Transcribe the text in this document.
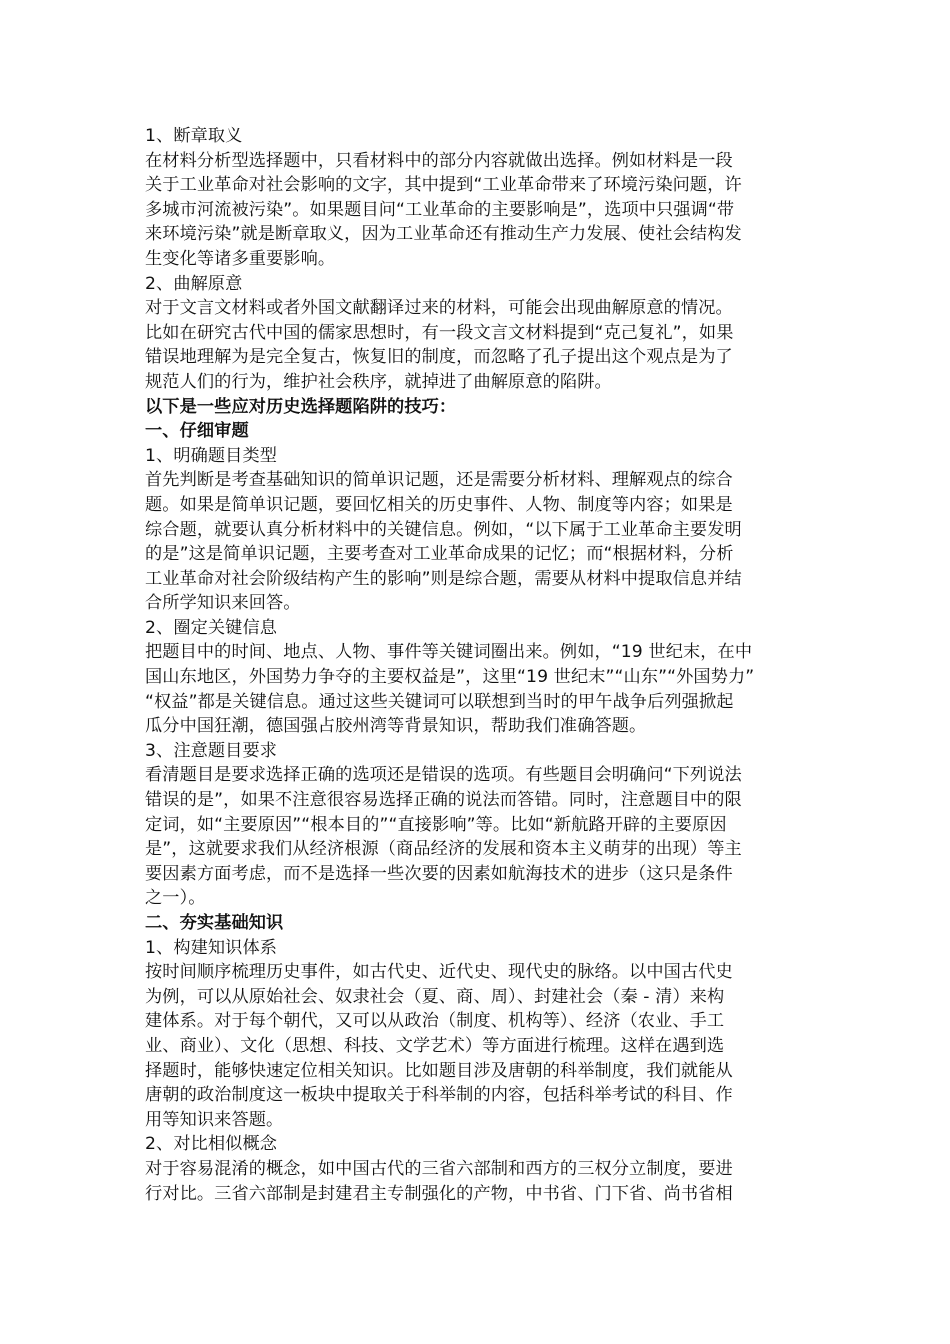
1、断章取义

在材料分析型选择题中，只看材料中的部分内容就做出选择。例如材料是一段

关于工业革命对社会影响的文字，其中提到“工业革命带来了环境污染问题，许

多城市河流被污染”。如果题目问“工业革命的主要影响是”，选项中只强调“带

来环境污染”就是断章取义，因为工业革命还有推动生产力发展、使社会结构发

生变化等诸多重要影响。

2、曲解原意

对于文言文材料或者外国文献翻译过来的材料，可能会出现曲解原意的情况。

比如在研究古代中国的儒家思想时，有一段文言文材料提到“克己复礼”，如果

错误地理解为是完全复古，恢复旧的制度，而忽略了孔子提出这个观点是为了

规范人们的行为，维护社会秩序，就掉进了曲解原意的陷阱。

以下是一些应对历史选择题陷阱的技巧：

一、仔细审题

1、明确题目类型

首先判断是考查基础知识的简单识记题，还是需要分析材料、理解观点的综合

题。如果是简单识记题，要回忆相关的历史事件、人物、制度等内容；如果是

综合题，就要认真分析材料中的关键信息。例如，“以下属于工业革命主要发明

的是”这是简单识记题，主要考查对工业革命成果的记忆；而“根据材料，分析

工业革命对社会阶级结构产生的影响”则是综合题，需要从材料中提取信息并结

合所学知识来回答。

2、圈定关键信息

把题目中的时间、地点、人物、事件等关键词圈出来。例如，“19 世纪末，在中

国山东地区，外国势力争夺的主要权益是”，这里“19 世纪末”“山东”“外国势力”

“权益”都是关键信息。通过这些关键词可以联想到当时的甲午战争后列强掀起

瓜分中国狂潮，德国强占胶州湾等背景知识，帮助我们准确答题。

3、注意题目要求

看清题目是要求选择正确的选项还是错误的选项。有些题目会明确问“下列说法

错误的是”，如果不注意很容易选择正确的说法而答错。同时，注意题目中的限

定词，如“主要原因”“根本目的”“直接影响”等。比如“新航路开辟的主要原因

是”，这就要求我们从经济根源（商品经济的发展和资本主义萌芽的出现）等主

要因素方面考虑，而不是选择一些次要的因素如航海技术的进步（这只是条件

之一）。

二、夯实基础知识

1、构建知识体系

按时间顺序梳理历史事件，如古代史、近代史、现代史的脉络。以中国古代史

为例，可以从原始社会、奴隶社会（夏、商、周）、封建社会（秦 - 清）来构

建体系。对于每个朝代，又可以从政治（制度、机构等）、经济（农业、手工

业、商业）、文化（思想、科技、文学艺术）等方面进行梳理。这样在遇到选

择题时，能够快速定位相关知识。比如题目涉及唐朝的科举制度，我们就能从

唐朝的政治制度这一板块中提取关于科举制的内容，包括科举考试的科目、作

用等知识来答题。

2、对比相似概念

对于容易混淆的概念，如中国古代的三省六部制和西方的三权分立制度，要进

行对比。三省六部制是封建君主专制强化的产物，中书省、门下省、尚书省相
